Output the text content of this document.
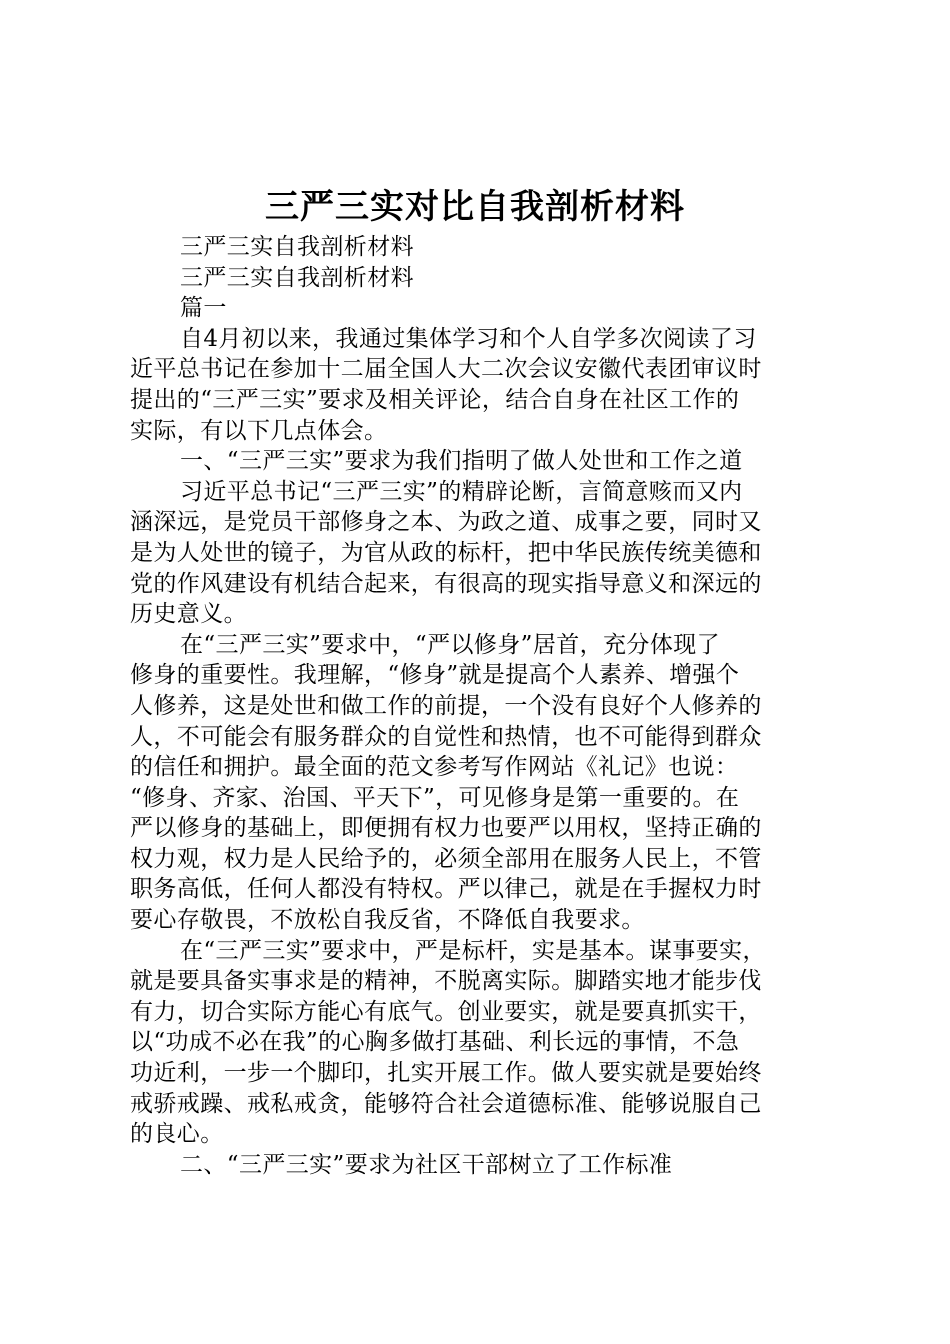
三严三实对比自我剖析材料

三严三实自我剖析材料

三严三实自我剖析材料

篇一

自4月初以来，我通过集体学习和个人自学多次阅读了习

近平总书记在参加十二届全国人大二次会议安徽代表团审议时

提出的“三严三实”要求及相关评论，结合自身在社区工作的

实际，有以下几点体会。

一、“三严三实”要求为我们指明了做人处世和工作之道

习近平总书记“三严三实”的精辟论断，言简意赅而又内

涵深远，是党员干部修身之本、为政之道、成事之要，同时又

是为人处世的镜子，为官从政的标杆，把中华民族传统美德和

党的作风建设有机结合起来，有很高的现实指导意义和深远的

历史意义。

在“三严三实”要求中，“严以修身”居首，充分体现了

修身的重要性。我理解，“修身”就是提高个人素养、增强个

人修养，这是处世和做工作的前提，一个没有良好个人修养的

人，不可能会有服务群众的自觉性和热情，也不可能得到群众

的信任和拥护。最全面的范文参考写作网站《礼记》也说：

“修身、齐家、治国、平天下”，可见修身是第一重要的。在

严以修身的基础上，即便拥有权力也要严以用权，坚持正确的

权力观，权力是人民给予的，必须全部用在服务人民上，不管

职务高低，任何人都没有特权。严以律己，就是在手握权力时

要心存敬畏，不放松自我反省，不降低自我要求。

在“三严三实”要求中，严是标杆，实是基本。谋事要实，

就是要具备实事求是的精神，不脱离实际。脚踏实地才能步伐

有力，切合实际方能心有底气。创业要实，就是要真抓实干，

以“功成不必在我”的心胸多做打基础、利长远的事情，不急

功近利，一步一个脚印，扎实开展工作。做人要实就是要始终

戒骄戒躁、戒私戒贪，能够符合社会道德标准、能够说服自己

的良心。

二、“三严三实”要求为社区干部树立了工作标准
